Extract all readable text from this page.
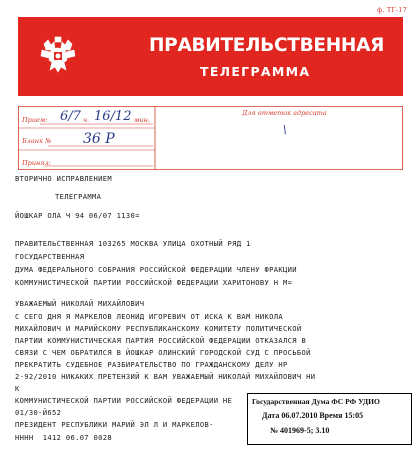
ф. ТГ-17
ПРАВИТЕЛЬСТВЕННАЯ
ТЕЛЕГРАММА
Прием: 6/7 ч. 16/12 мин.
Бланк № 36 Р
Принял:
Для отметок адресата
\
ВТОРИЧНО ИСПРАВЛЕНИЕМ
ТЕЛЕГРАММА
ЙОШКАР ОЛА Ч 94 06/07 1130=
ПРАВИТЕЛЬСТВЕННАЯ 103265 МОСКВА УЛИЦА ОХОТНЫЙ РЯД 1
ГОСУДАРСТВЕННАЯ
ДУМА ФЕДЕРАЛЬНОГО СОБРАНИЯ РОССИЙСКОЙ ФЕДЕРАЦИИ ЧЛЕНУ ФРАКЦИИ
КОММУНИСТИЧЕСКОЙ ПАРТИИ РОССИЙСКОЙ ФЕДЕРАЦИИ ХАРИТОНОВУ Н М=
УВАЖАЕМЫЙ НИКОЛАЙ МИХАЙЛОВИЧ
С СЕГО ДНЯ Я МАРКЕЛОВ ЛЕОНИД ИГОРЕВИЧ ОТ ИСКА К ВАМ НИКОЛА
МИХАЙЛОВИЧ И МАРИЙСКОМУ РЕСПУБЛИКАНСКОМУ КОМИТЕТУ ПОЛИТИЧЕСКОЙ
ПАРТИИ КОММУНИСТИЧЕСКАЯ ПАРТИЯ РОССИЙСКОЙ ФЕДЕРАЦИИ ОТКАЗАЛСЯ В
СВЯЗИ С ЧЕМ ОБРАТИЛСЯ В ЙОШКАР ОЛИНСКИЙ ГОРОДСКОЙ СУД С ПРОСЬБОЙ
ПРЕКРАТИТЬ СУДЕБНОЕ РАЗБИРАТЕЛЬСТВО ПО ГРАЖДАНСКОМУ ДЕЛУ НР
2-92/2010 НИКАКИХ ПРЕТЕНЗИЙ К ВАМ УВАЖАЕМЫЙ НИКОЛАЙ МИХАЙЛОВИЧ НИ
К
КОММУНИСТИЧЕСКОЙ ПАРТИИ РОССИЙСКОЙ ФЕДЕРАЦИИ НЕ
01/30-Й652
ПРЕЗИДЕНТ РЕСПУБЛИКИ МАРИЙ ЭЛ Л И МАРКЕЛОВ-
НННН  1412 06.07 0028
Государственная Дума ФС РФ УДИО
Дата 06.07.2010 Время 15:05
№ 401969-5; 3.10
